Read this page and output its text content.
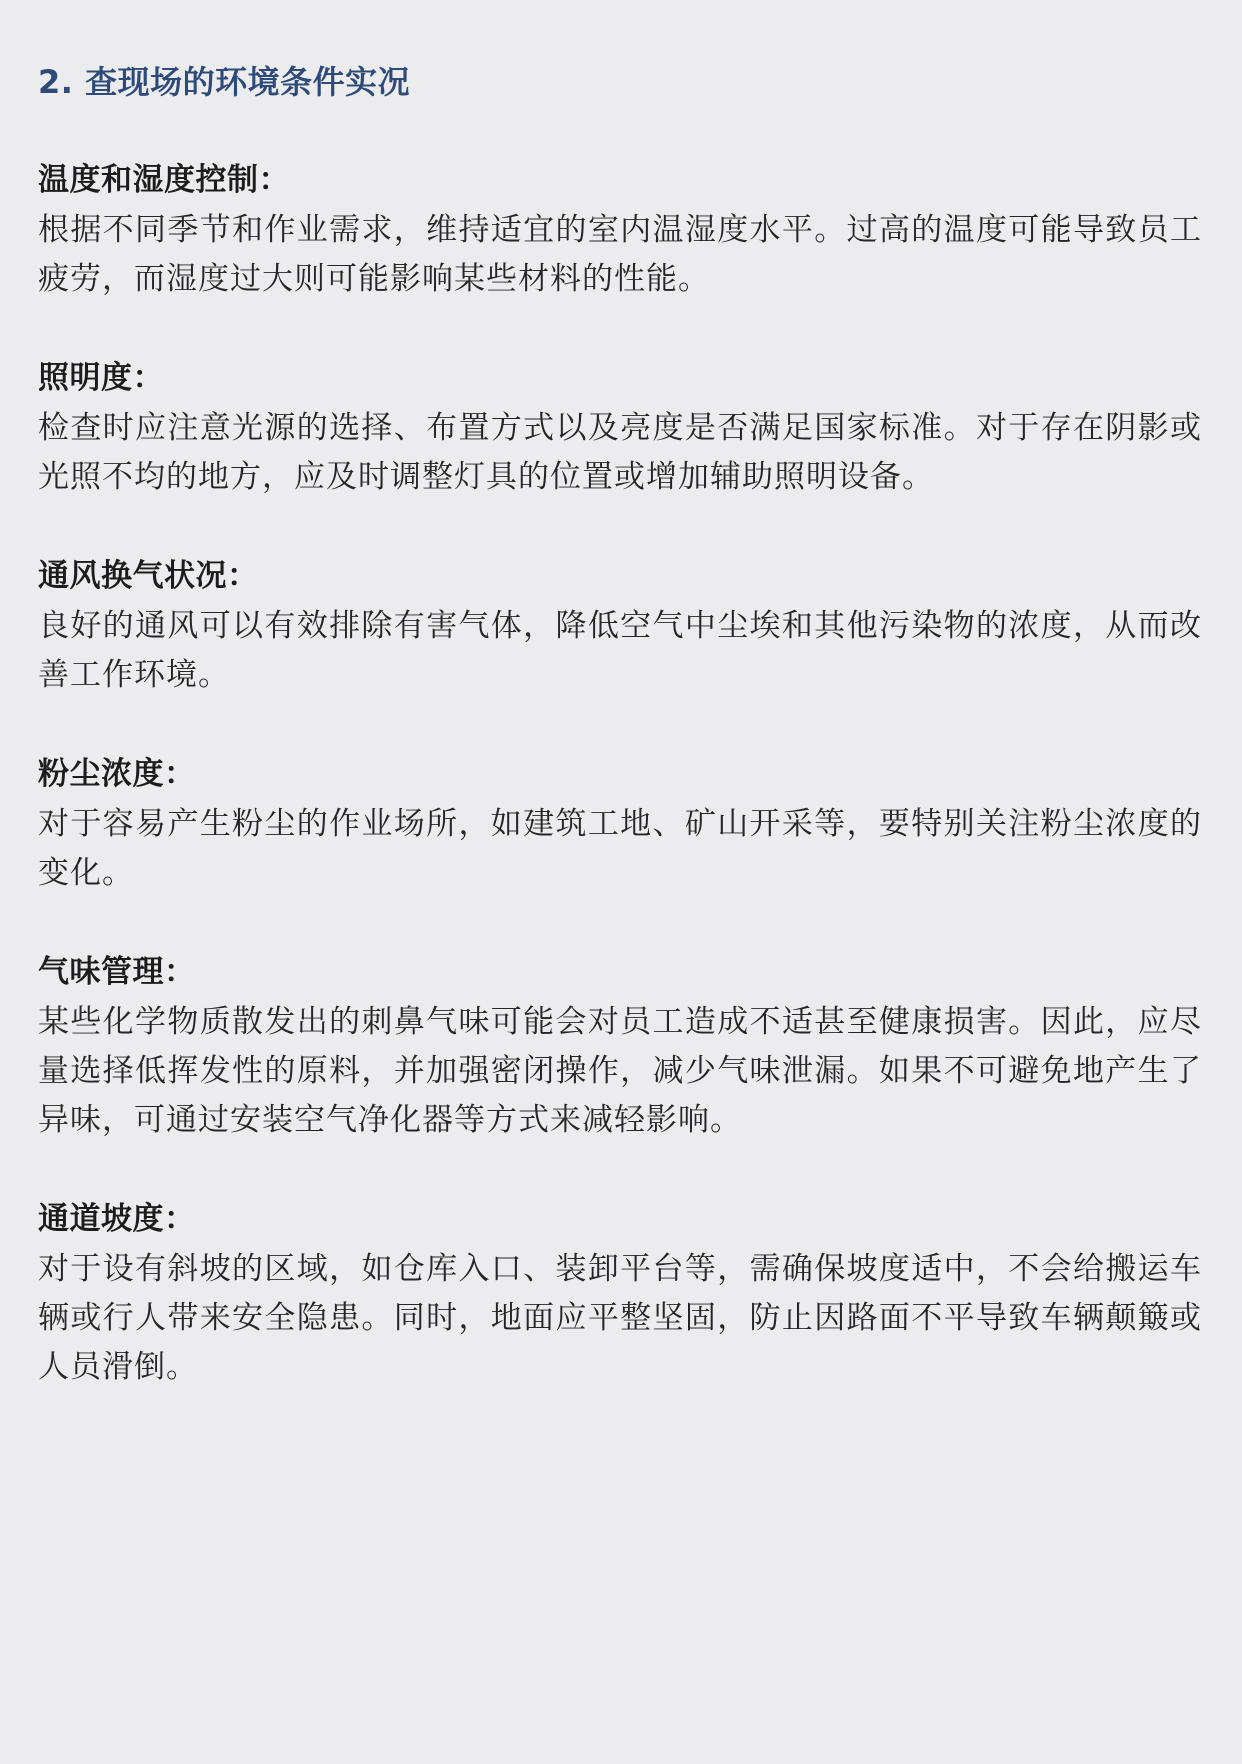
2. 查现场的环境条件实况
温度和湿度控制：

根据不同季节和作业需求，维持适宜的室内温湿度水平。过高的温度可能导致员工疲劳，而湿度过大则可能影响某些材料的性能。

照明度：

检查时应注意光源的选择、布置方式以及亮度是否满足国家标准。对于存在阴影或光照不均的地方，应及时调整灯具的位置或增加辅助照明设备。

通风换气状况：

良好的通风可以有效排除有害气体，降低空气中尘埃和其他污染物的浓度，从而改善工作环境。

粉尘浓度：

对于容易产生粉尘的作业场所，如建筑工地、矿山开采等，要特别关注粉尘浓度的变化。

气味管理：

某些化学物质散发出的刺鼻气味可能会对员工造成不适甚至健康损害。因此，应尽量选择低挥发性的原料，并加强密闭操作，减少气味泄漏。如果不可避免地产生了异味，可通过安装空气净化器等方式来减轻影响。

通道坡度：

对于设有斜坡的区域，如仓库入口、装卸平台等，需确保坡度适中，不会给搬运车辆或行人带来安全隐患。同时，地面应平整坚固，防止因路面不平导致车辆颠簸或人员滑倒。
